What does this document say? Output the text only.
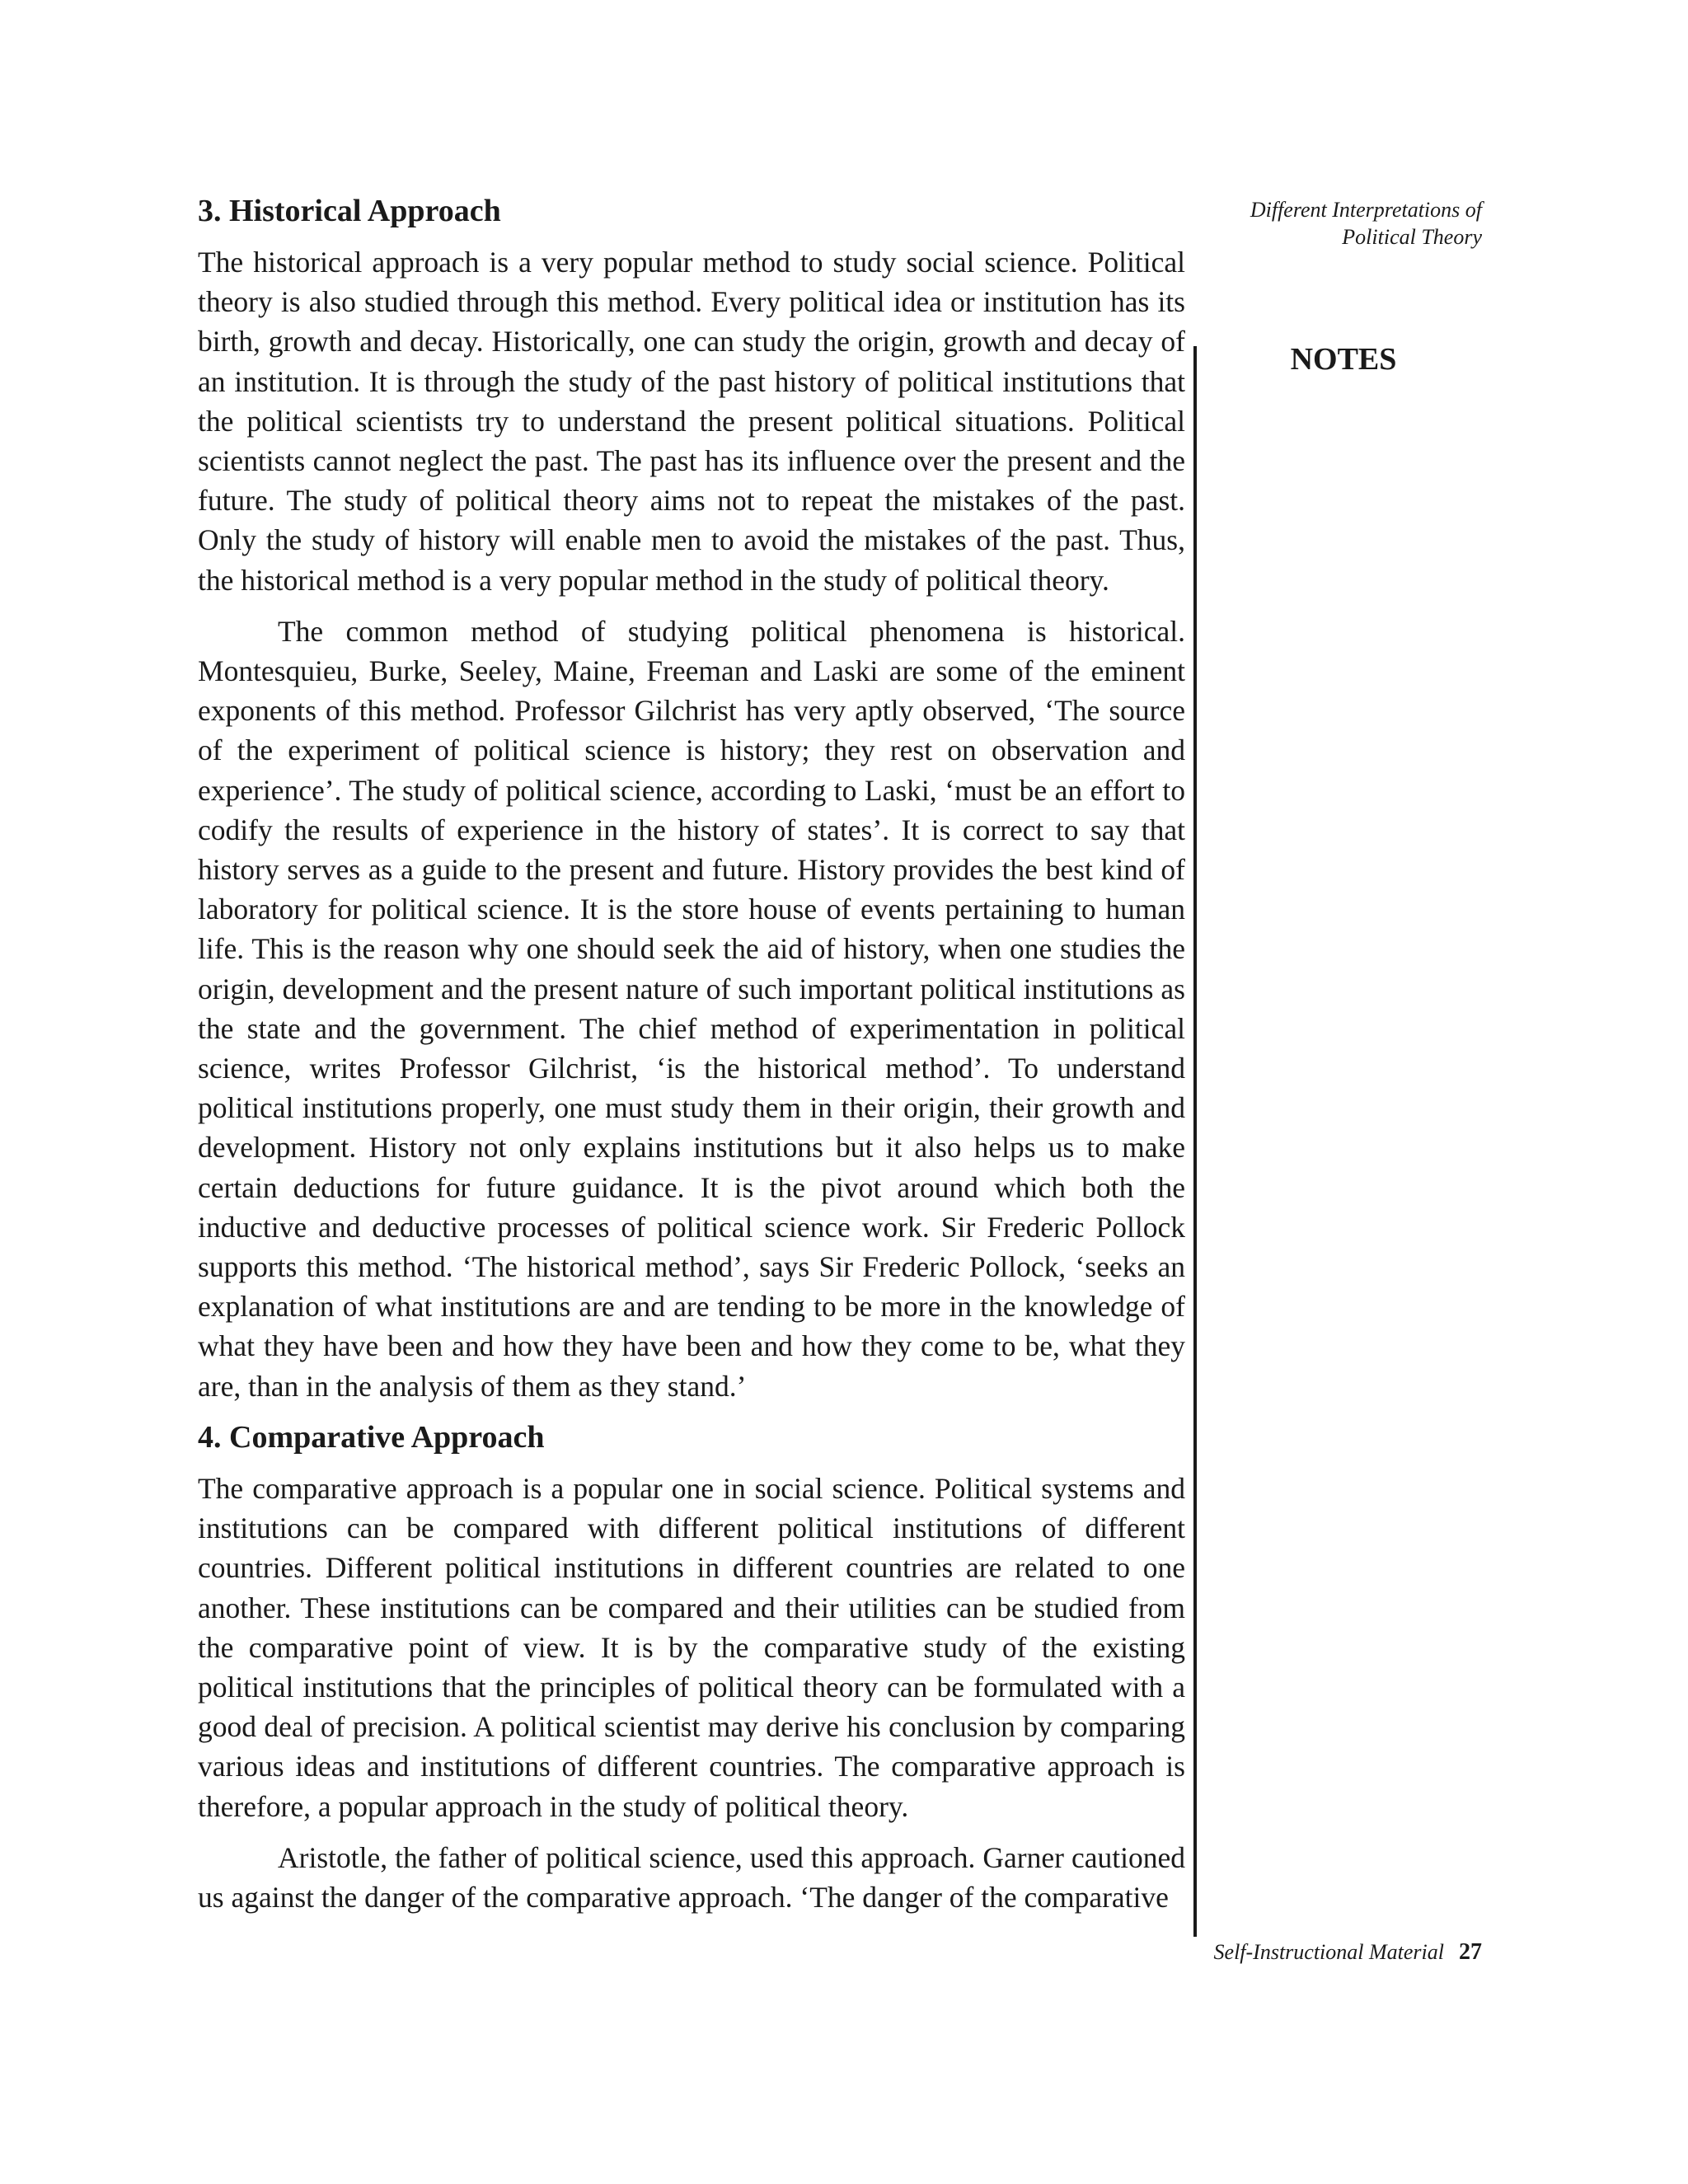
3. Historical Approach

The historical approach is a very popular method to study social science. Political theory is also studied through this method. Every political idea or institution has its birth, growth and decay. Historically, one can study the origin, growth and decay of an institution. It is through the study of the past history of political institutions that the political scientists try to understand the present political situations. Political scientists cannot neglect the past. The past has its influence over the present and the future. The study of political theory aims not to repeat the mistakes of the past. Only the study of history will enable men to avoid the mistakes of the past. Thus, the historical method is a very popular method in the study of political theory.

The common method of studying political phenomena is historical. Montesquieu, Burke, Seeley, Maine, Freeman and Laski are some of the eminent exponents of this method. Professor Gilchrist has very aptly observed, ‘The source of the experiment of political science is history; they rest on observation and experience’. The study of political science, according to Laski, ‘must be an effort to codify the results of experience in the history of states’. It is correct to say that history serves as a guide to the present and future. History provides the best kind of laboratory for political science. It is the store house of events pertaining to human life. This is the reason why one should seek the aid of history, when one studies the origin, development and the present nature of such important political institutions as the state and the government. The chief method of experimentation in political science, writes Professor Gilchrist, ‘is the historical method’. To understand political institutions properly, one must study them in their origin, their growth and development. History not only explains institutions but it also helps us to make certain deductions for future guidance. It is the pivot around which both the inductive and deductive processes of political science work. Sir Frederic Pollock supports this method. ‘The historical method’, says Sir Frederic Pollock, ‘seeks an explanation of what institutions are and are tending to be more in the knowledge of what they have been and how they have been and how they come to be, what they are, than in the analysis of them as they stand.’

4. Comparative Approach

The comparative approach is a popular one in social science. Political systems and institutions can be compared with different political institutions of different countries. Different political institutions in different countries are related to one another. These institutions can be compared and their utilities can be studied from the comparative point of view. It is by the comparative study of the existing political institutions that the principles of political theory can be formulated with a good deal of precision. A political scientist may derive his conclusion by comparing various ideas and institutions of different countries. The comparative approach is therefore, a popular approach in the study of political theory.

Aristotle, the father of political science, used this approach. Garner cautioned us against the danger of the comparative approach. ‘The danger of the comparative

Different Interpretations of
Political Theory
NOTES
Self-Instructional Material 27
